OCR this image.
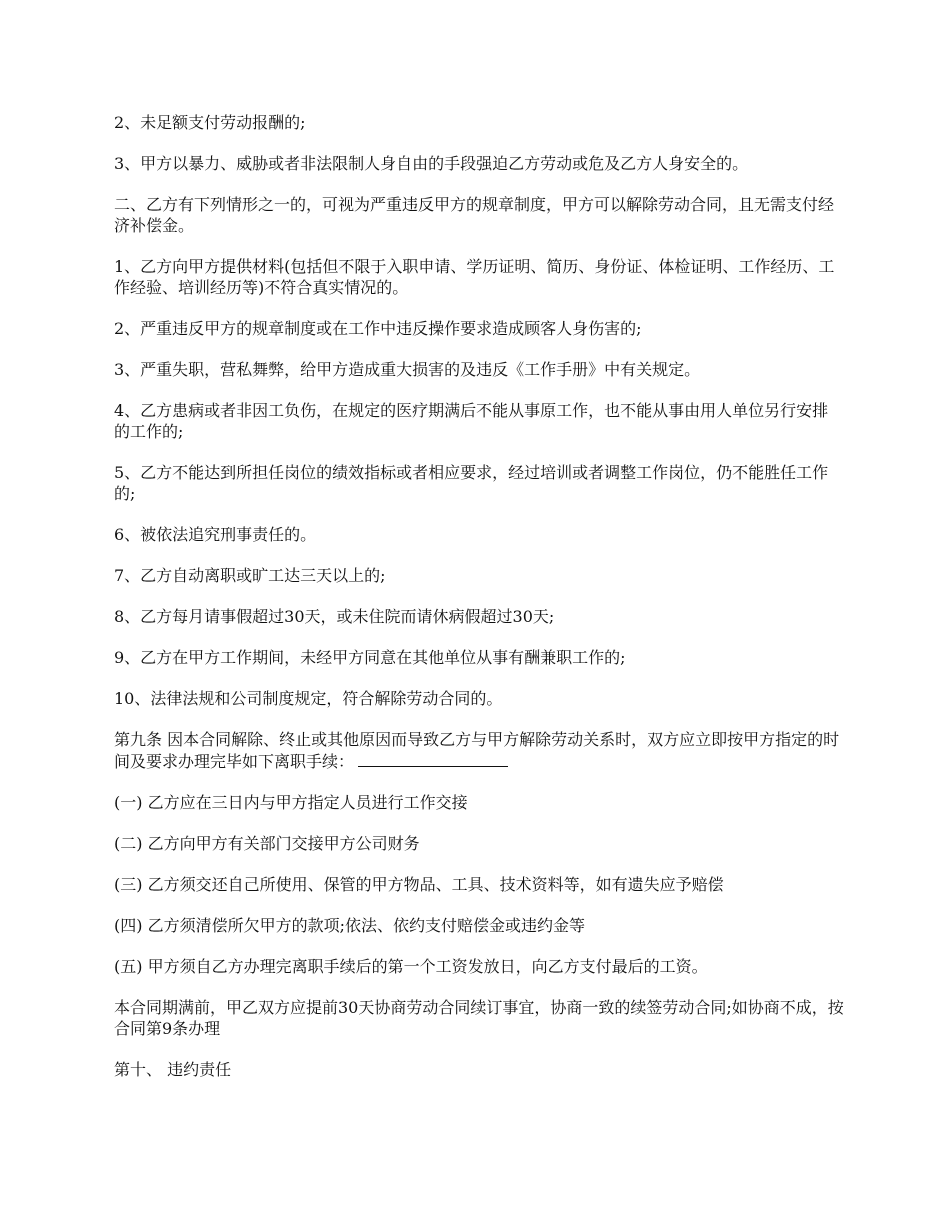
2、未足额支付劳动报酬的;

3、甲方以暴力、威胁或者非法限制人身自由的手段强迫乙方劳动或危及乙方人身安全的。

二、乙方有下列情形之一的，可视为严重违反甲方的规章制度，甲方可以解除劳动合同，且无需支付经济补偿金。

1、乙方向甲方提供材料(包括但不限于入职申请、学历证明、简历、身份证、体检证明、工作经历、工作经验、培训经历等)不符合真实情况的。

2、严重违反甲方的规章制度或在工作中违反操作要求造成顾客人身伤害的;

3、严重失职，营私舞弊，给甲方造成重大损害的及违反《工作手册》中有关规定。

4、乙方患病或者非因工负伤，在规定的医疗期满后不能从事原工作，也不能从事由用人单位另行安排的工作的;

5、乙方不能达到所担任岗位的绩效指标或者相应要求，经过培训或者调整工作岗位，仍不能胜任工作的;

6、被依法追究刑事责任的。

7、乙方自动离职或旷工达三天以上的;

8、乙方每月请事假超过30天，或未住院而请休病假超过30天;

9、乙方在甲方工作期间，未经甲方同意在其他单位从事有酬兼职工作的;

10、法律法规和公司制度规定，符合解除劳动合同的。

第九条 因本合同解除、终止或其他原因而导致乙方与甲方解除劳动关系时，双方应立即按甲方指定的时间及要求办理完毕如下离职手续：

(一) 乙方应在三日内与甲方指定人员进行工作交接

(二) 乙方向甲方有关部门交接甲方公司财务

(三) 乙方须交还自己所使用、保管的甲方物品、工具、技术资料等，如有遗失应予赔偿

(四) 乙方须清偿所欠甲方的款项;依法、依约支付赔偿金或违约金等

(五) 甲方须自乙方办理完离职手续后的第一个工资发放日，向乙方支付最后的工资。

本合同期满前，甲乙双方应提前30天协商劳动合同续订事宜，协商一致的续签劳动合同;如协商不成，按合同第9条办理

第十、 违约责任
